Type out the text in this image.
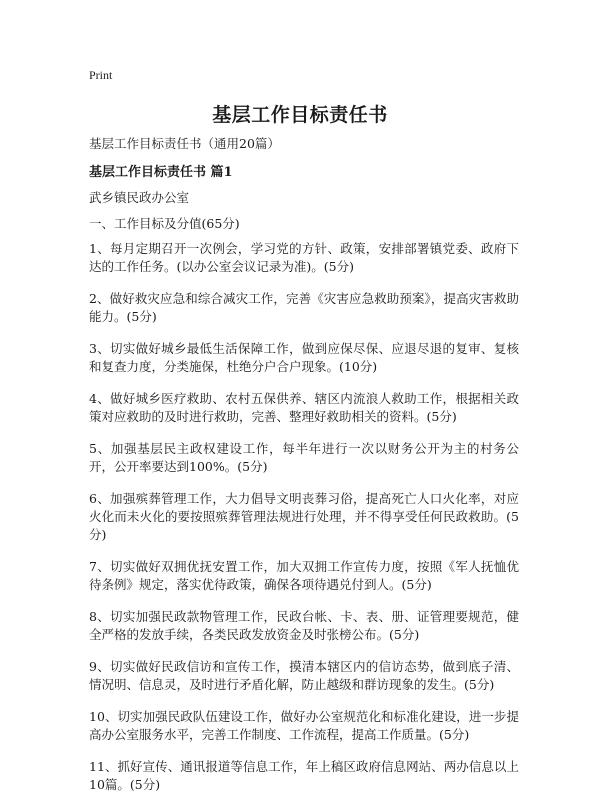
Print
基层工作目标责任书
基层工作目标责任书（通用20篇）
基层工作目标责任书 篇1
武乡镇民政办公室
一、工作目标及分值(65分)

1、每月定期召开一次例会，学习党的方针、政策，安排部署镇党委、政府下达的工作任务。(以办公室会议记录为准)。(5分)

2、做好救灾应急和综合减灾工作，完善《灾害应急救助预案》，提高灾害救助能力。(5分)

3、切实做好城乡最低生活保障工作，做到应保尽保、应退尽退的复审、复核和复查力度，分类施保，杜绝分户合户现象。(10分)

4、做好城乡医疗救助、农村五保供养、辖区内流浪人救助工作，根据相关政策对应救助的及时进行救助，完善、整理好救助相关的资料。(5分)

5、加强基层民主政权建设工作，每半年进行一次以财务公开为主的村务公开，公开率要达到100%。(5分)

6、加强殡葬管理工作，大力倡导文明丧葬习俗，提高死亡人口火化率，对应火化而未火化的要按照殡葬管理法规进行处理，并不得享受任何民政救助。(5分)

7、切实做好双拥优抚安置工作，加大双拥工作宣传力度，按照《军人抚恤优待条例》规定，落实优待政策，确保各项待遇兑付到人。(5分)

8、切实加强民政款物管理工作，民政台帐、卡、表、册、证管理要规范，健全严格的发放手续，各类民政发放资金及时张榜公布。(5分)

9、切实做好民政信访和宣传工作，摸清本辖区内的信访态势，做到底子清、情况明、信息灵，及时进行矛盾化解，防止越级和群访现象的发生。(5分)

10、切实加强民政队伍建设工作，做好办公室规范化和标准化建设，进一步提高办公室服务水平，完善工作制度、工作流程，提高工作质量。(5分)

11、抓好宣传、通讯报道等信息工作，年上稿区政府信息网站、两办信息以上10篇。(5分)
